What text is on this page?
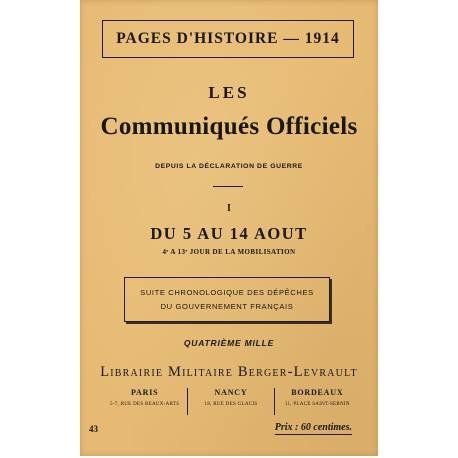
PAGES D'HISTOIRE — 1914
LES
Communiqués Officiels
DEPUIS LA DÉCLARATION DE GUERRE
I
DU 5 AU 14 AOUT
4ᵉ A 13ᵉ JOUR DE LA MOBILISATION
SUITE CHRONOLOGIQUE DES DÉPÊCHES
DU GOUVERNEMENT FRANÇAIS
QUATRIÈME MILLE
Librairie Militaire Berger-Levrault
PARIS
5-7, RUE DES BEAUX-ARTS
NANCY
18, RUE DES GLACIS
BORDEAUX
11, PLACE SAINT-SERNIN
43	Prix : 60 centimes.
